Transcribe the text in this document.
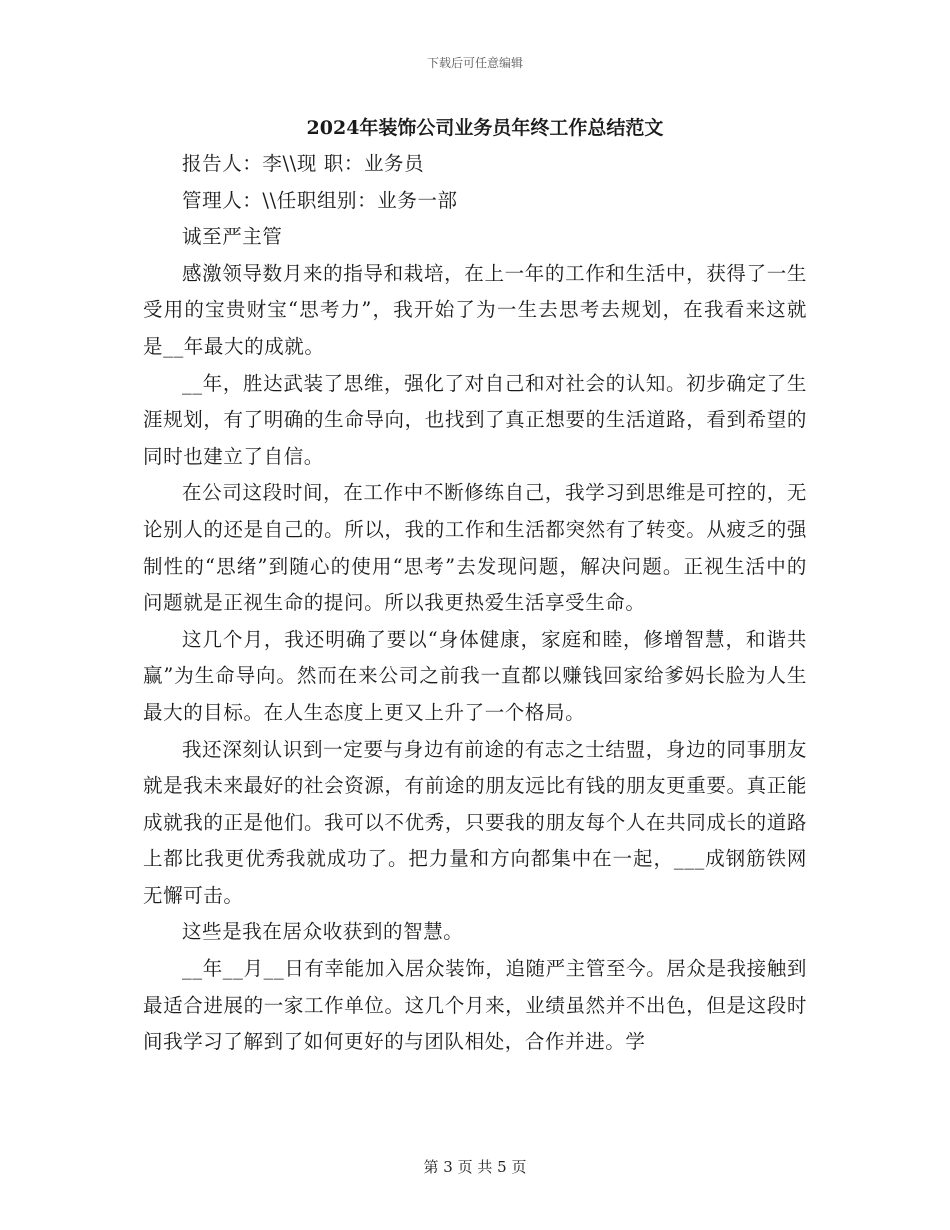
下载后可任意编辑

2024年装饰公司业务员年终工作总结范文

报告人：李\\现 职：业务员

管理人：\\任职组别：业务一部

诚至严主管

感激领导数月来的指导和栽培，在上一年的工作和生活中，获得了一生受用的宝贵财宝“思考力”，我开始了为一生去思考去规划，在我看来这就是__年最大的成就。

__年，胜达武装了思维，强化了对自己和对社会的认知。初步确定了生涯规划，有了明确的生命导向，也找到了真正想要的生活道路，看到希望的同时也建立了自信。

在公司这段时间，在工作中不断修练自己，我学习到思维是可控的，无论别人的还是自己的。所以，我的工作和生活都突然有了转变。从疲乏的强制性的“思绪”到随心的使用“思考”去发现问题，解决问题。正视生活中的问题就是正视生命的提问。所以我更热爱生活享受生命。

这几个月，我还明确了要以“身体健康，家庭和睦，修增智慧，和谐共赢”为生命导向。然而在来公司之前我一直都以赚钱回家给爹妈长脸为人生最大的目标。在人生态度上更又上升了一个格局。

我还深刻认识到一定要与身边有前途的有志之士结盟，身边的同事朋友就是我未来最好的社会资源，有前途的朋友远比有钱的朋友更重要。真正能成就我的正是他们。我可以不优秀，只要我的朋友每个人在共同成长的道路上都比我更优秀我就成功了。把力量和方向都集中在一起，___成钢筋铁网无懈可击。

这些是我在居众收获到的智慧。

__年__月__日有幸能加入居众装饰，追随严主管至今。居众是我接触到最适合进展的一家工作单位。这几个月来，业绩虽然并不出色，但是这段时间我学习了解到了如何更好的与团队相处，合作并进。学

第 3 页 共 5 页
